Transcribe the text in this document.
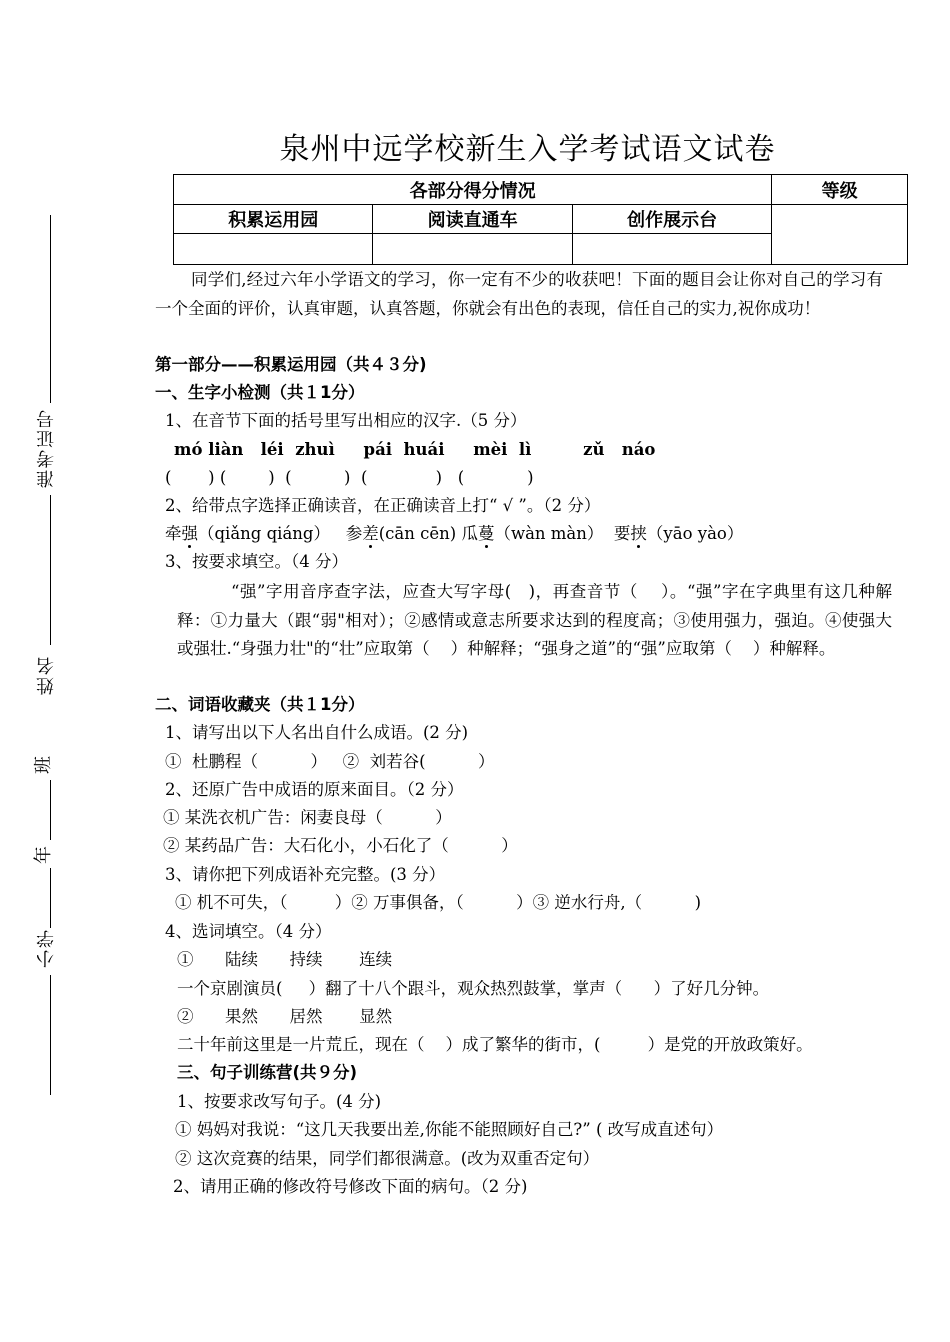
准考证号
姓名
班
年
小学
泉州中远学校新生入学考试语文试卷
各部分得分情况			等级
积累运用园	阅读直通车	创作展示台	

同学们,经过六年小学语文的学习，你一定有不少的收获吧！下面的题目会让你对自己的学习有一个全面的评价，认真审题，认真答题，你就会有出色的表现，信任自己的实力,祝你成功！
第一部分——积累运用园（共４３分)
一、生字小检测（共１1分）
1、在音节下面的括号里写出相应的汉字.（5 分）
mó liàn   léi  zhuì     pái  huái     mèi  lì         zǔ   náo
(       ) (        )  (          )  (             )   (            )
2、给带点字选择正确读音，在正确读音上打“ √ ”。（2 分）
牵强（qiǎng qiáng） 参差(cān cēn) 瓜蔓（wàn màn） 要挟（yāo yào）
3、按要求填空。（4 分）
“强”字用音序查字法，应查大写字母(   )，再查音节（    ）。“强”字在字典里有这几种解释：①力量大（跟“弱"相对）；②感情或意志所要求达到的程度高；③使用强力，强迫。④使强大或强壮.“身强力壮"的“壮”应取第（    ）种解释；“强身之道”的“强”应取第（    ）种解释。
二、词语收藏夹（共１1分）
1、请写出以下人名出自什么成语。(2 分)
①  杜鹏程（          ）   ②  刘若谷(          ）
2、还原广告中成语的原来面目。（2 分）
① 某洗衣机广告：闲妻良母（          ）
② 某药品广告：大石化小，小石化了（          ）
3、请你把下列成语补充完整。(3 分）
① 机不可失，（         ）② 万事俱备，（          ）③ 逆水行舟,（          )
4、选词填空。（4 分）
①      陆续      持续       连续
一个京剧演员(     ）翻了十八个跟斗，观众热烈鼓掌，掌声（      ）了好几分钟。
②      果然      居然       显然
二十年前这里是一片荒丘，现在（    ）成了繁华的街市，(         ）是党的开放政策好。
三、句子训练营(共９分)
1、按要求改写句子。(4 分)
① 妈妈对我说：“这几天我要出差,你能不能照顾好自己?” ( 改写成直述句）
② 这次竞赛的结果，同学们都很满意。(改为双重否定句）
2、请用正确的修改符号修改下面的病句。（2 分)
